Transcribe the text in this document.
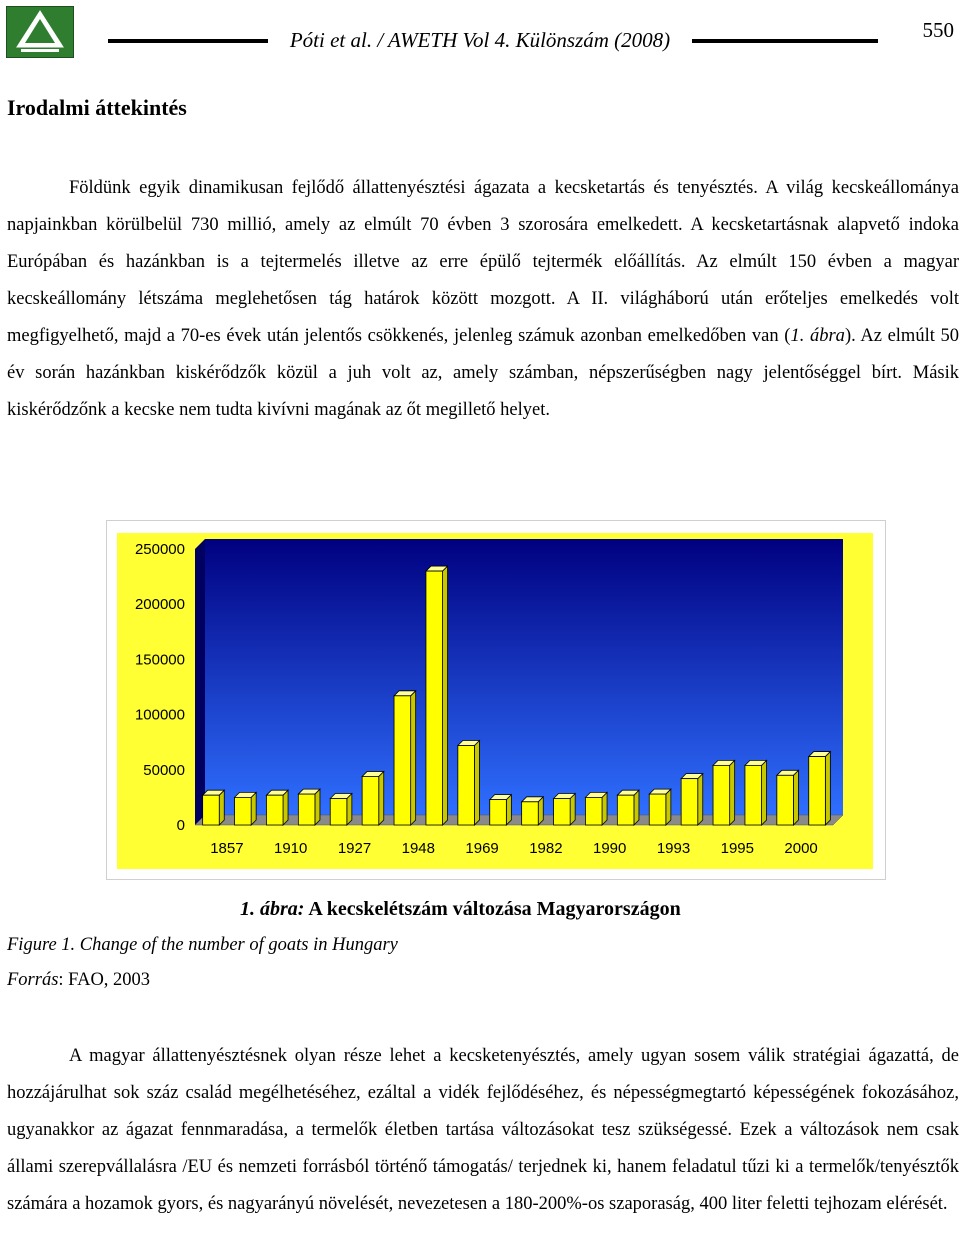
Póti et al. / AWETH Vol 4. Különszám (2008)	550
Irodalmi áttekintés

Földünk egyik dinamikusan fejlődő állattenyésztési ágazata a kecsketartás és tenyésztés. A világ kecskeállománya napjainkban körülbelül 730 millió, amely az elmúlt 70 évben 3 szorosára emelkedett. A kecsketartásnak alapvető indoka Európában és hazánkban is a tejtermelés illetve az erre épülő tejtermék előállítás. Az elmúlt 150 évben a magyar kecskeállomány létszáma meglehetősen tág határok között mozgott. A II. világháború után erőteljes emelkedés volt megfigyelhető, majd a 70-es évek után jelentős csökkenés, jelenleg számuk azonban emelkedőben van (1. ábra). Az elmúlt 50 év során hazánkban kiskérődzők közül a juh volt az, amely számban, népszerűségben nagy jelentőséggel bírt. Másik kiskérődzőnk a kecske nem tudta kivívni magának az őt megillető helyet.

0
50000
100000
150000
200000
250000
1857 1910 1927 1948 1969 1982 1990 1993 1995 2000
1. ábra: A kecskelétszám változása Magyarországon
Figure 1. Change of the number of goats in Hungary
Forrás: FAO, 2003

A magyar állattenyésztésnek olyan része lehet a kecsketenyésztés, amely ugyan sosem válik stratégiai ágazattá, de hozzájárulhat sok száz család megélhetéséhez, ezáltal a vidék fejlődéséhez, és népességmegtartó képességének fokozásához, ugyanakkor az ágazat fennmaradása, a termelők életben tartása változásokat tesz szükségessé. Ezek a változások nem csak állami szerepvállalásra /EU és nemzeti forrásból történő támogatás/ terjednek ki, hanem feladatul tűzi ki a termelők/tenyésztők számára a hozamok gyors, és nagyarányú növelését, nevezetesen a 180-200%-os szaporaság, 400 liter feletti tejhozam elérését.
